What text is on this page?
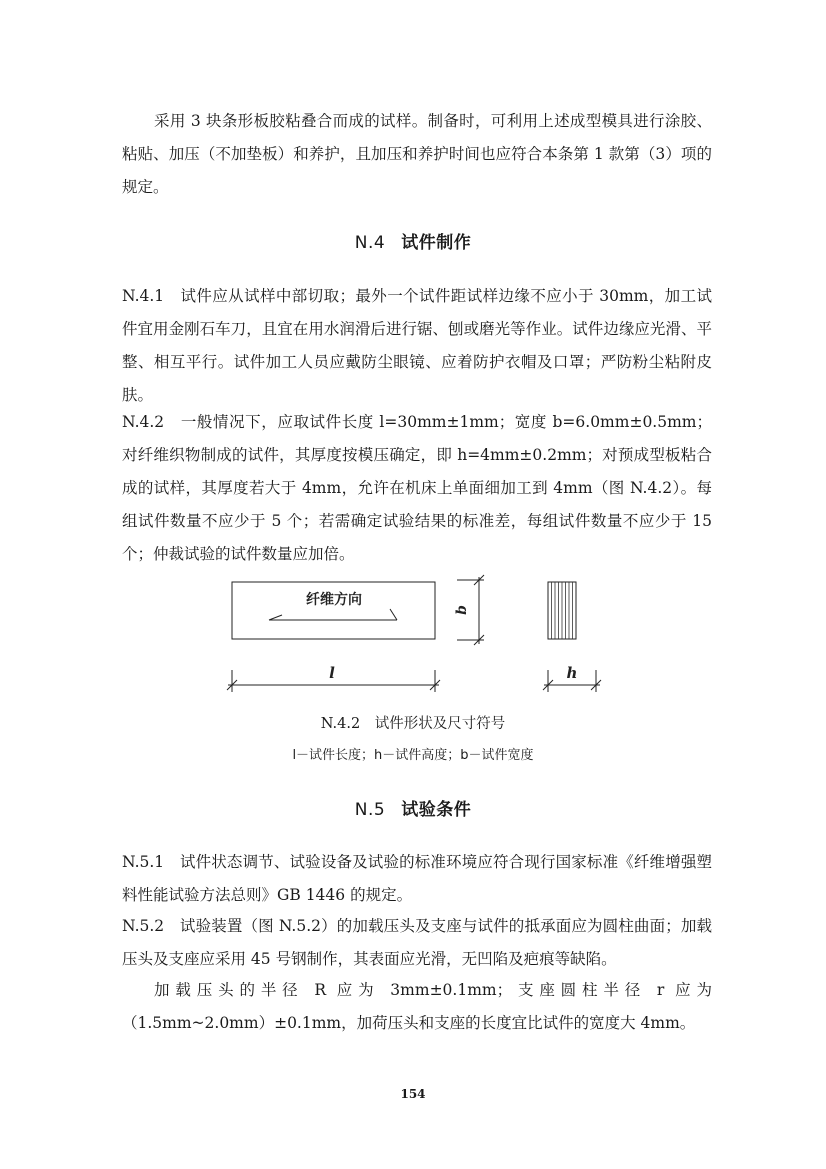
采用 3 块条形板胶粘叠合而成的试样。制备时，可利用上述成型模具进行涂胶、粘贴、加压（不加垫板）和养护，且加压和养护时间也应符合本条第 1 款第（3）项的规定。

N.4 试件制作

N.4.1　试件应从试样中部切取；最外一个试件距试样边缘不应小于 30mm，加工试件宜用金刚石车刀，且宜在用水润滑后进行锯、刨或磨光等作业。试件边缘应光滑、平整、相互平行。试件加工人员应戴防尘眼镜、应着防护衣帽及口罩；严防粉尘粘附皮肤。

N.4.2　一般情况下，应取试件长度 l=30mm±1mm；宽度 b=6.0mm±0.5mm；对纤维织物制成的试件，其厚度按模压确定，即 h=4mm±0.2mm；对预成型板粘合成的试样，其厚度若大于 4mm，允许在机床上单面细加工到 4mm（图 N.4.2）。每组试件数量不应少于 5 个；若需确定试验结果的标准差，每组试件数量不应少于 15 个；仲裁试验的试件数量应加倍。

纤维方向
b
l	h
N.4.2　试件形状及尺寸符号
l－试件长度；h－试件高度；b－试件宽度
N.5 试验条件

N.5.1　试件状态调节、试验设备及试验的标准环境应符合现行国家标准《纤维增强塑料性能试验方法总则》GB 1446 的规定。

N.5.2　试验装置（图 N.5.2）的加载压头及支座与试件的抵承面应为圆柱曲面；加载压头及支座应采用 45 号钢制作，其表面应光滑，无凹陷及疤痕等缺陷。

加载压头的半径 R 应为 3mm±0.1mm；支座圆柱半径 r 应为（1.5mm~2.0mm）±0.1mm，加荷压头和支座的长度宜比试件的宽度大 4mm。

154
